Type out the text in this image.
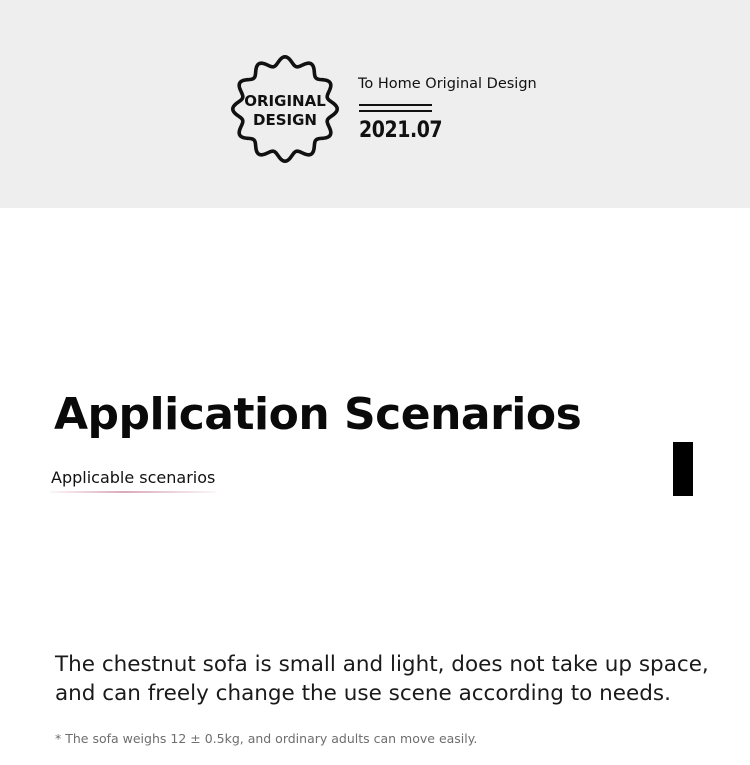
ORIGINAL
DESIGN
To Home Original Design
2021.07
Application Scenarios
Applicable scenarios
The chestnut sofa is small and light, does not take up space,
and can freely change the use scene according to needs.
* The sofa weighs 12 ± 0.5kg, and ordinary adults can move easily.
